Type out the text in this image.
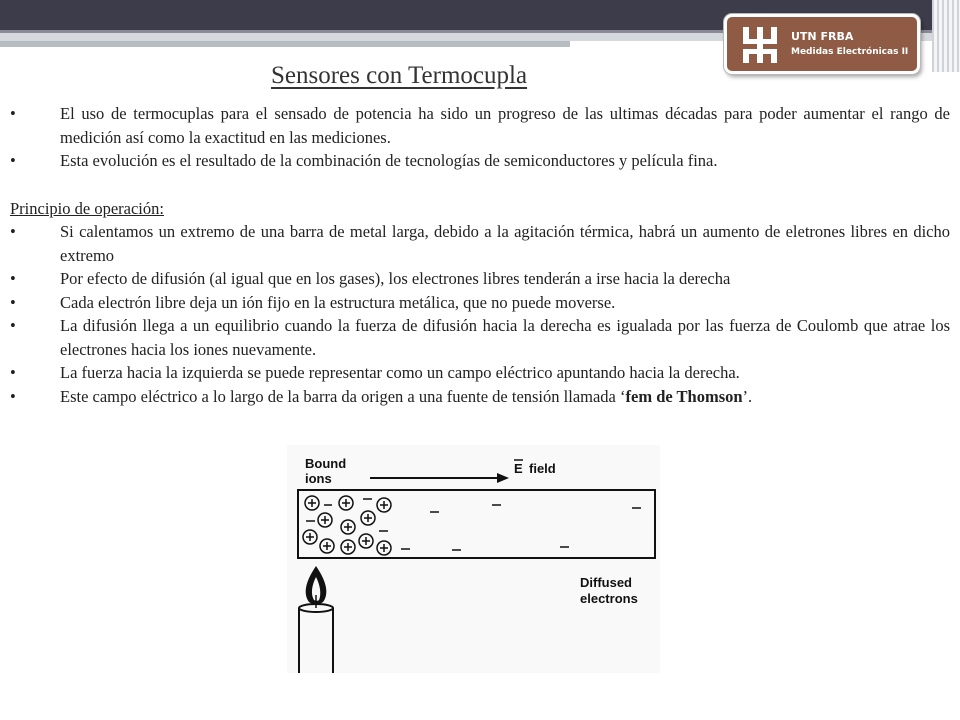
UTN FRBA
Medidas Electrónicas II
Sensores con Termocupla
• El uso de termocuplas para el sensado de potencia ha sido un progreso de las ultimas décadas para poder aumentar el rango de medición así como la exactitud en las mediciones.
• Esta evolución es el resultado de la combinación de tecnologías de semiconductores y película fina.
Principio de operación:
• Si calentamos un extremo de una barra de metal larga, debido a la agitación térmica, habrá un aumento de eletrones libres en dicho extremo
• Por efecto de difusión (al igual que en los gases), los electrones libres tenderán a irse hacia la derecha
• Cada electrón libre deja un ión fijo en la estructura metálica, que no puede moverse.
• La difusión llega a un equilibrio cuando la fuerza de difusión hacia la derecha es igualada por las fuerza de Coulomb que atrae los electrones hacia los iones nuevamente.
• La fuerza hacia la izquierda se puede representar como un campo eléctrico apuntando hacia la derecha.
• Este campo eléctrico a lo largo de la barra da origen a una fuente de tensión llamada ‘fem de Thomson’.
Bound
ions
E field
Diffused
electrons
